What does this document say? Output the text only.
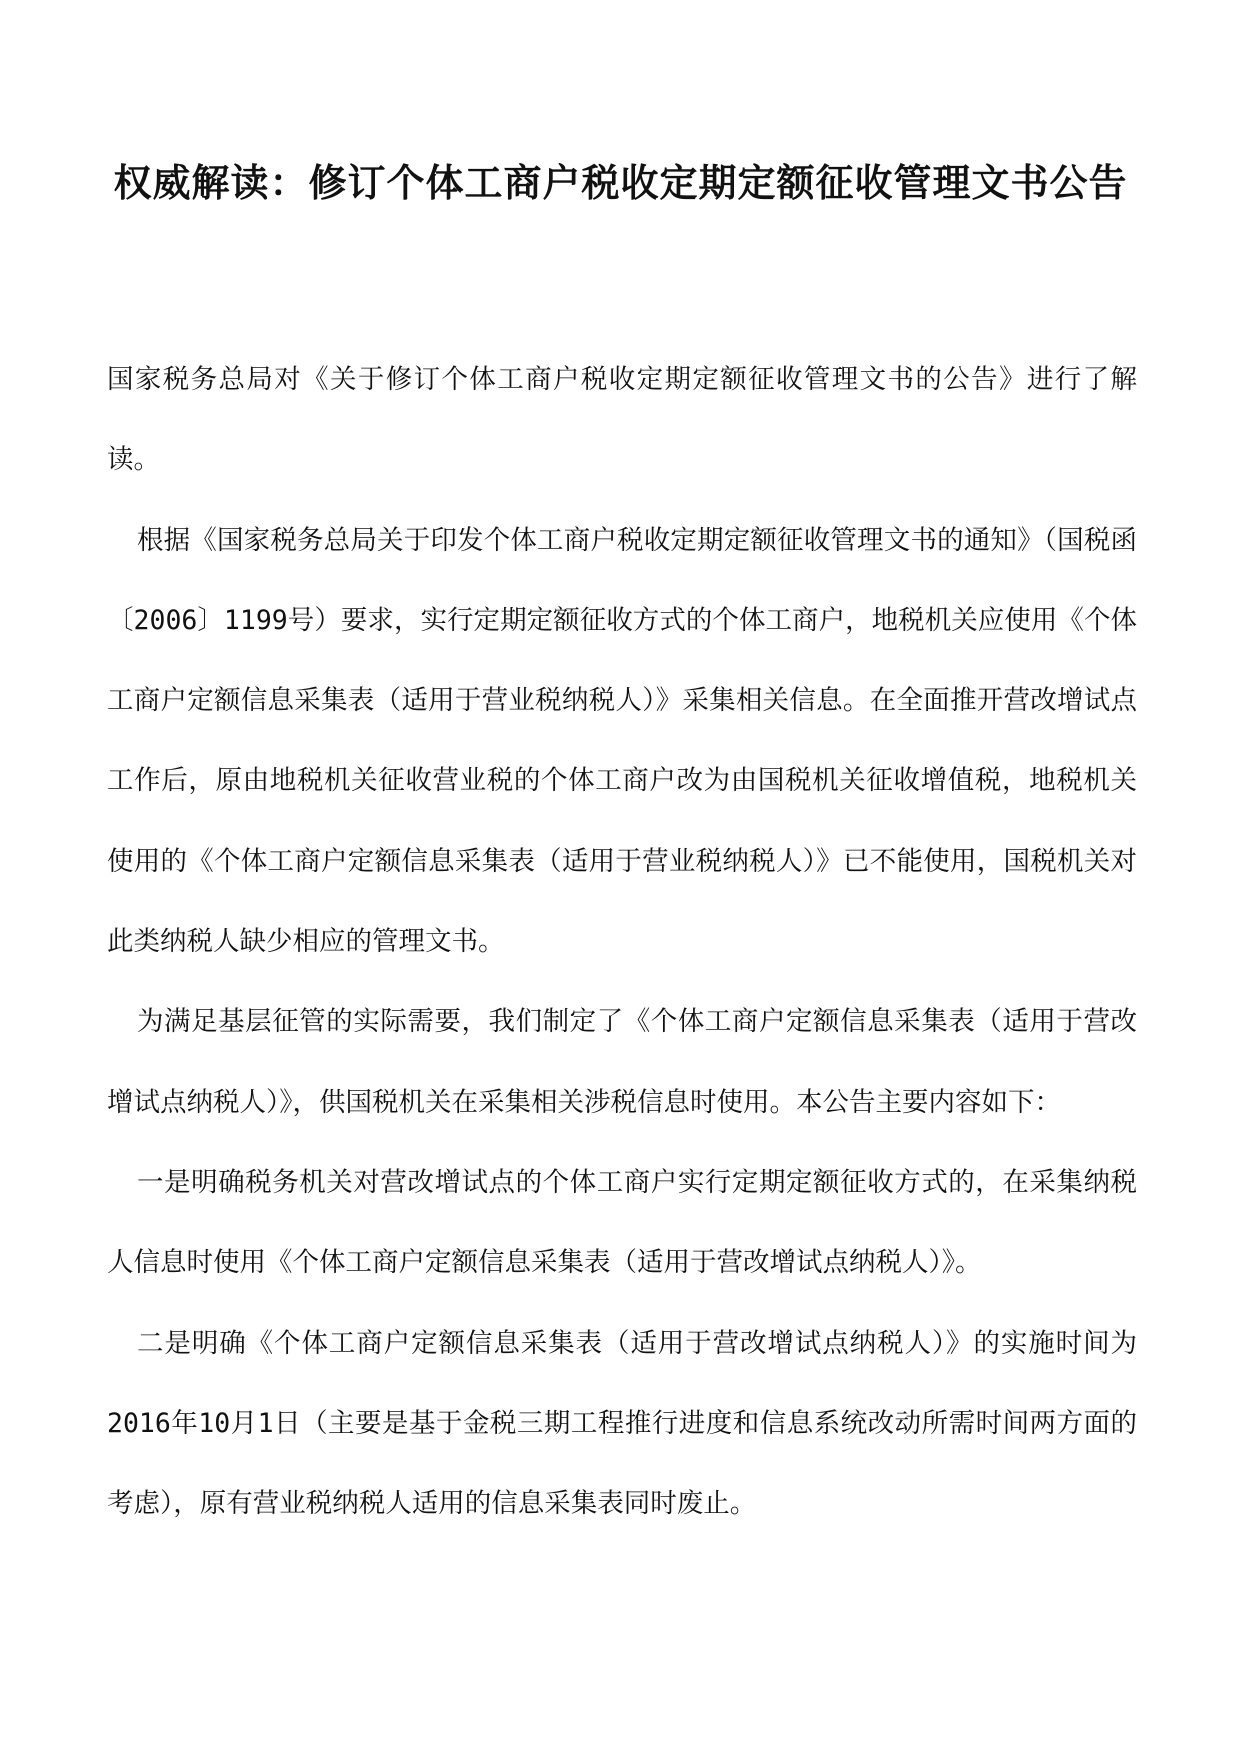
权威解读：修订个体工商户税收定期定额征收管理文书公告

国家税务总局对《关于修订个体工商户税收定期定额征收管理文书的公告》进行了解读。

根据《国家税务总局关于印发个体工商户税收定期定额征收管理文书的通知》（国税函〔2006〕1199号）要求，实行定期定额征收方式的个体工商户，地税机关应使用《个体工商户定额信息采集表（适用于营业税纳税人）》采集相关信息。在全面推开营改增试点工作后，原由地税机关征收营业税的个体工商户改为由国税机关征收增值税，地税机关使用的《个体工商户定额信息采集表（适用于营业税纳税人）》已不能使用，国税机关对此类纳税人缺少相应的管理文书。

为满足基层征管的实际需要，我们制定了《个体工商户定额信息采集表（适用于营改增试点纳税人）》，供国税机关在采集相关涉税信息时使用。本公告主要内容如下：

一是明确税务机关对营改增试点的个体工商户实行定期定额征收方式的，在采集纳税人信息时使用《个体工商户定额信息采集表（适用于营改增试点纳税人）》。

二是明确《个体工商户定额信息采集表（适用于营改增试点纳税人）》的实施时间为2016年10月1日（主要是基于金税三期工程推行进度和信息系统改动所需时间两方面的考虑），原有营业税纳税人适用的信息采集表同时废止。
